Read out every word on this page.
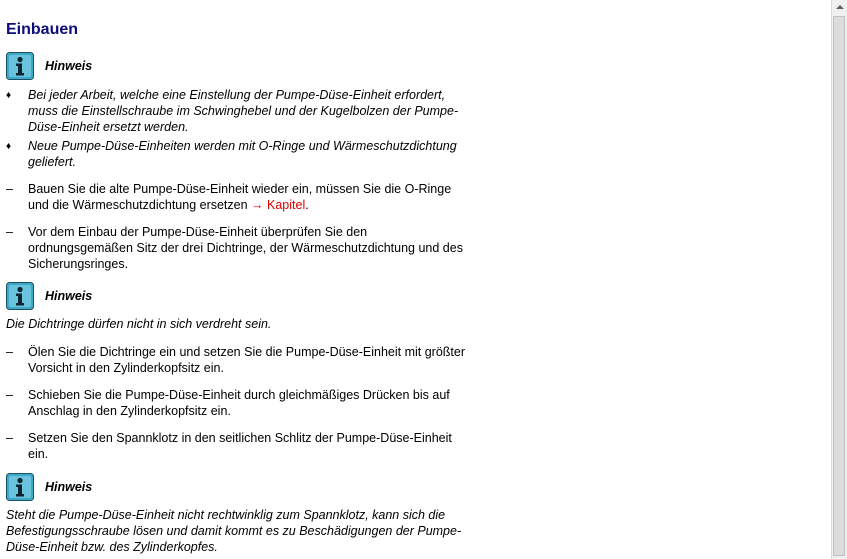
Einbauen
Hinweis
♦	Bei jeder Arbeit, welche eine Einstellung der Pumpe-Düse-Einheit erfordert,
muss die Einstellschraube im Schwinghebel und der Kugelbolzen der Pumpe-
Düse-Einheit ersetzt werden.
♦	Neue Pumpe-Düse-Einheiten werden mit O-Ringe und Wärmeschutzdichtung
geliefert.
–	Bauen Sie die alte Pumpe-Düse-Einheit wieder ein, müssen Sie die O-Ringe
und die Wärmeschutzdichtung ersetzen → Kapitel.
–	Vor dem Einbau der Pumpe-Düse-Einheit überprüfen Sie den
ordnungsgemäßen Sitz der drei Dichtringe, der Wärmeschutzdichtung und des
Sicherungsringes.
Hinweis
Die Dichtringe dürfen nicht in sich verdreht sein.
–	Ölen Sie die Dichtringe ein und setzen Sie die Pumpe-Düse-Einheit mit größter
Vorsicht in den Zylinderkopfsitz ein.
–	Schieben Sie die Pumpe-Düse-Einheit durch gleichmäßiges Drücken bis auf
Anschlag in den Zylinderkopfsitz ein.
–	Setzen Sie den Spannklotz in den seitlichen Schlitz der Pumpe-Düse-Einheit
ein.
Hinweis
Steht die Pumpe-Düse-Einheit nicht rechtwinklig zum Spannklotz, kann sich die
Befestigungsschraube lösen und damit kommt es zu Beschädigungen der Pumpe-
Düse-Einheit bzw. des Zylinderkopfes.
